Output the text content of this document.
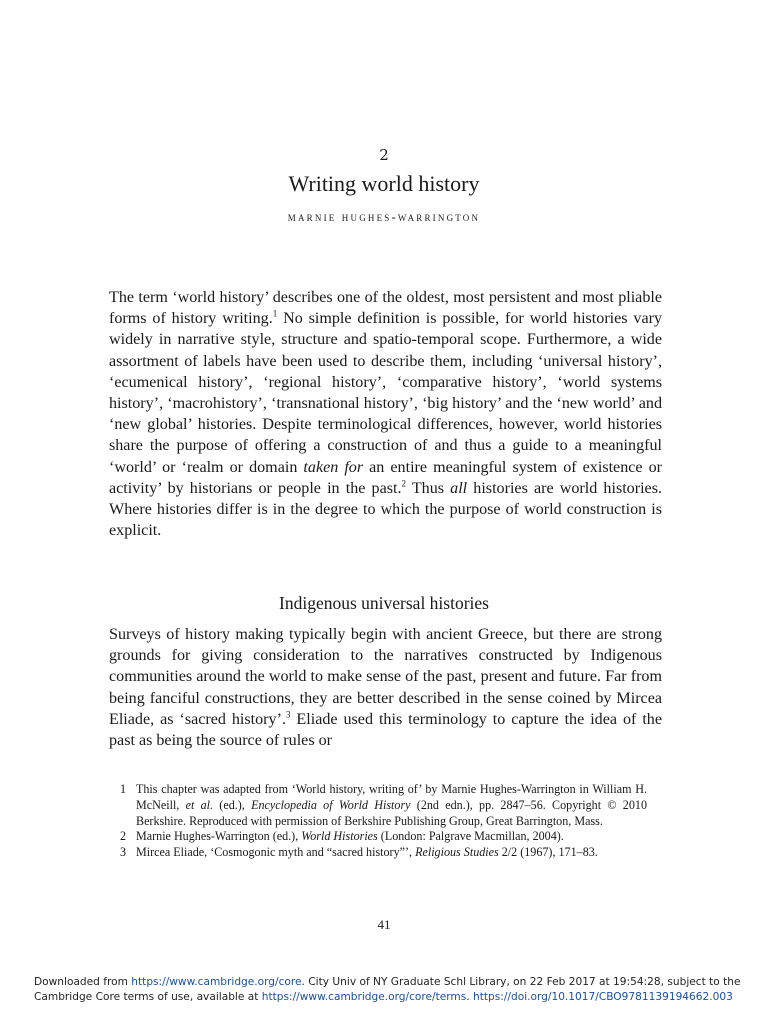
2
Writing world history
marnie hughes-warrington

The term ‘world history’ describes one of the oldest, most persistent and most pliable forms of history writing.$^1$ No simple definition is possible, for world histories vary widely in narrative style, structure and spatio-temporal scope. Furthermore, a wide assortment of labels have been used to describe them, including ‘universal history’, ‘ecumenical history’, ‘regional history’, ‘comparative history’, ‘world systems history’, ‘macrohistory’, ‘transnational history’, ‘big history’ and the ‘new world’ and ‘new global’ histories. Despite terminological differences, however, world histories share the purpose of offering a construction of and thus a guide to a meaningful ‘world’ or ‘realm or domain taken for an entire meaningful system of existence or activity’ by historians or people in the past.$^2$ Thus all histories are world histories. Where histories differ is in the degree to which the purpose of world construction is explicit.

Indigenous universal histories

Surveys of history making typically begin with ancient Greece, but there are strong grounds for giving consideration to the narratives constructed by Indigenous communities around the world to make sense of the past, present and future. Far from being fanciful constructions, they are better described in the sense coined by Mircea Eliade, as ‘sacred history’.$^3$ Eliade used this terminology to capture the idea of the past as being the source of rules or

1 This chapter was adapted from ‘World history, writing of’ by Marnie Hughes-Warrington in William H. McNeill, et al. (ed.), Encyclopedia of World History (2nd edn.), pp. 2847–56. Copyright © 2010 Berkshire. Reproduced with permission of Berkshire Publishing Group, Great Barrington, Mass.
2 Marnie Hughes-Warrington (ed.), World Histories (London: Palgrave Macmillan, 2004).
3 Mircea Eliade, ‘Cosmogonic myth and “sacred history”’, Religious Studies 2/2 (1967), 171–83.
41
Downloaded from https://www.cambridge.org/core. City Univ of NY Graduate Schl Library, on 22 Feb 2017 at 19:54:28, subject to the Cambridge Core terms of use, available at https://www.cambridge.org/core/terms. https://doi.org/10.1017/CBO9781139194662.003
